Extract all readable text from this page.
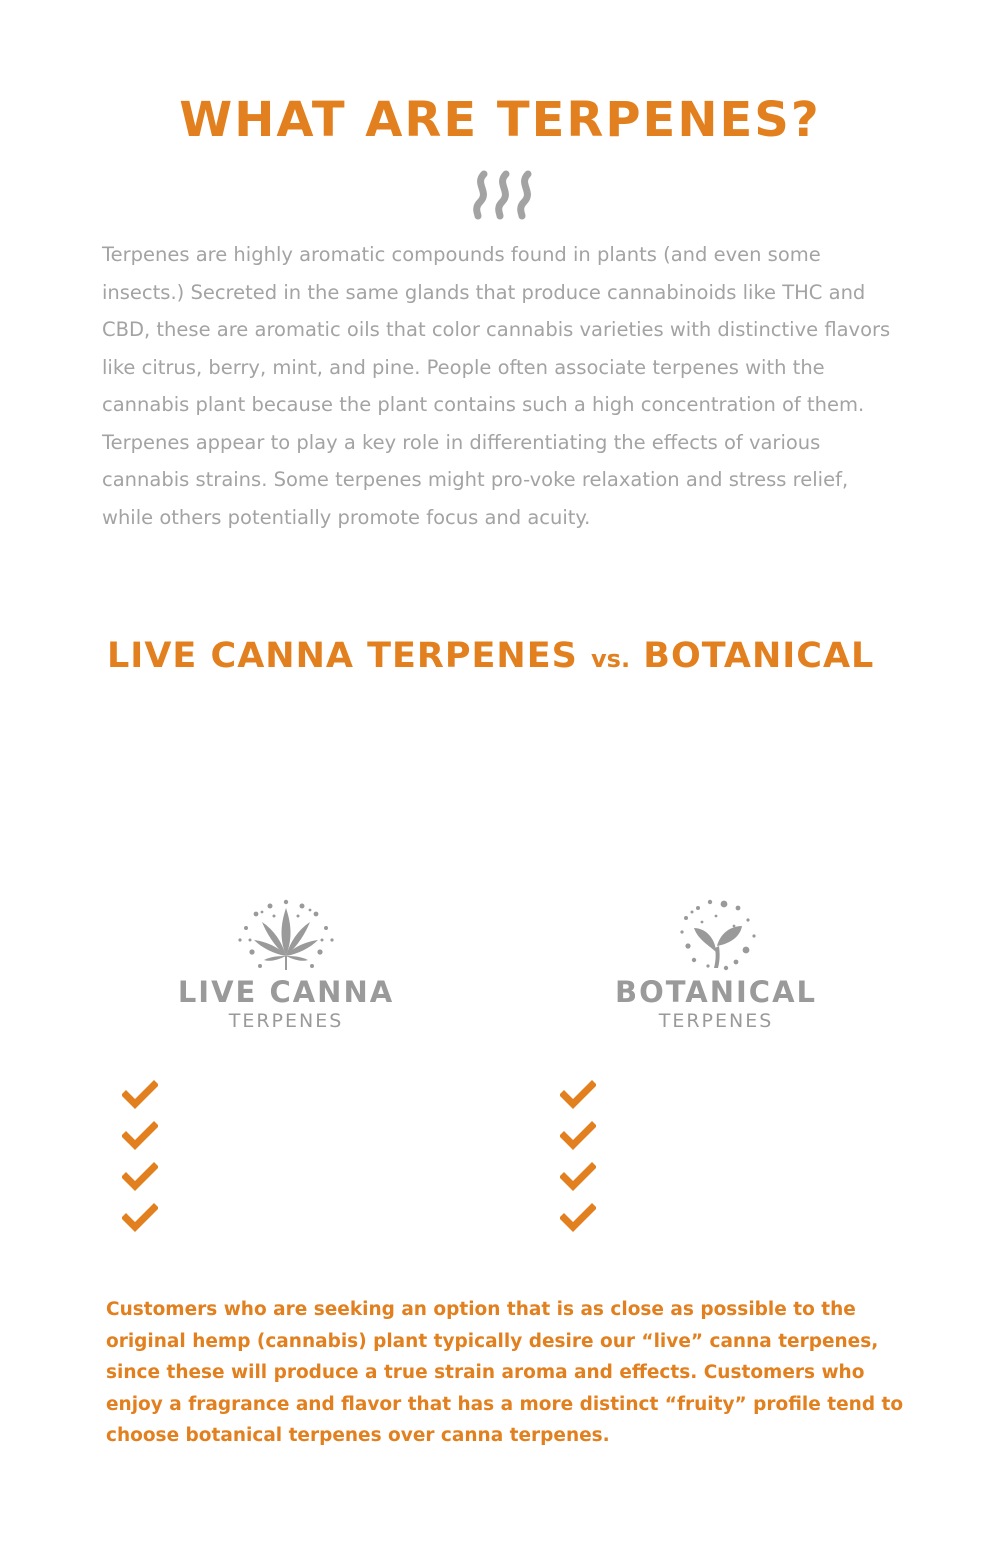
WHAT ARE TERPENES?

Terpenes are highly aromatic compounds found in plants (and even some insects.) Secreted in the same glands that produce cannabinoids like THC and CBD, these are aromatic oils that color cannabis varieties with distinctive flavors like citrus, berry, mint, and pine. People often associate terpenes with the cannabis plant because the plant contains such a high concentration of them. Terpenes appear to play a key role in differentiating the effects of various cannabis strains. Some terpenes might pro-voke relaxation and stress relief, while others potentially promote focus and acuity.

LIVE CANNA TERPENES vs. BOTANICAL
LIVE CANNA
TERPENES
BOTANICAL
TERPENES

Customers who are seeking an option that is as close as possible to the original hemp (cannabis) plant typically desire our “live” canna terpenes, since these will produce a true strain aroma and effects. Customers who enjoy a fragrance and flavor that has a more distinct “fruity” profile tend to choose botanical terpenes over canna terpenes.
